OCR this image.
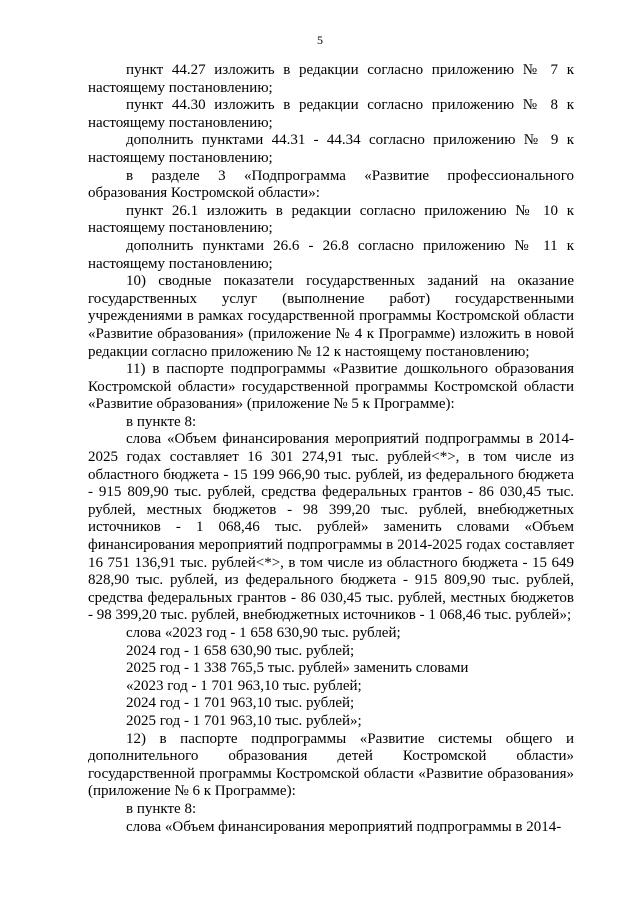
5

пункт 44.27 изложить в редакции согласно приложению № 7 к настоящему постановлению;

пункт 44.30 изложить в редакции согласно приложению № 8 к настоящему постановлению;

дополнить пунктами 44.31 - 44.34 согласно приложению № 9 к настоящему постановлению;

в разделе 3 «Подпрограмма «Развитие профессионального образования Костромской области»:

пункт 26.1 изложить в редакции согласно приложению № 10 к настоящему постановлению;

дополнить пунктами 26.6 - 26.8 согласно приложению № 11 к настоящему постановлению;

10) сводные показатели государственных заданий на оказание государственных услуг (выполнение работ) государственными учреждениями в рамках государственной программы Костромской области «Развитие образования» (приложение № 4 к Программе) изложить в новой редакции согласно приложению № 12 к настоящему постановлению;

11) в паспорте подпрограммы «Развитие дошкольного образования Костромской области» государственной программы Костромской области «Развитие образования» (приложение № 5 к Программе):

в пункте 8:

слова «Объем финансирования мероприятий подпрограммы в 2014-2025 годах составляет 16 301 274,91 тыс. рублей<*>, в том числе из областного бюджета - 15 199 966,90 тыс. рублей, из федерального бюджета - 915 809,90 тыс. рублей, средства федеральных грантов - 86 030,45 тыс. рублей, местных бюджетов - 98 399,20 тыс. рублей, внебюджетных источников - 1 068,46 тыс. рублей» заменить словами «Объем финансирования мероприятий подпрограммы в 2014-2025 годах составляет 16 751 136,91 тыс. рублей<*>, в том числе из областного бюджета - 15 649 828,90 тыс. рублей, из федерального бюджета - 915 809,90 тыс. рублей, средства федеральных грантов - 86 030,45 тыс. рублей, местных бюджетов - 98 399,20 тыс. рублей, внебюджетных источников - 1 068,46 тыс. рублей»;

слова «2023 год - 1 658 630,90 тыс. рублей;

2024 год - 1 658 630,90 тыс. рублей;

2025 год - 1 338 765,5 тыс. рублей» заменить словами

«2023 год - 1 701 963,10 тыс. рублей;

2024 год - 1 701 963,10 тыс. рублей;

2025 год - 1 701 963,10 тыс. рублей»;

12) в паспорте подпрограммы «Развитие системы общего и дополнительного образования детей Костромской области» государственной программы Костромской области «Развитие образования» (приложение № 6 к Программе):

в пункте 8:

слова «Объем финансирования мероприятий подпрограммы в 2014-
